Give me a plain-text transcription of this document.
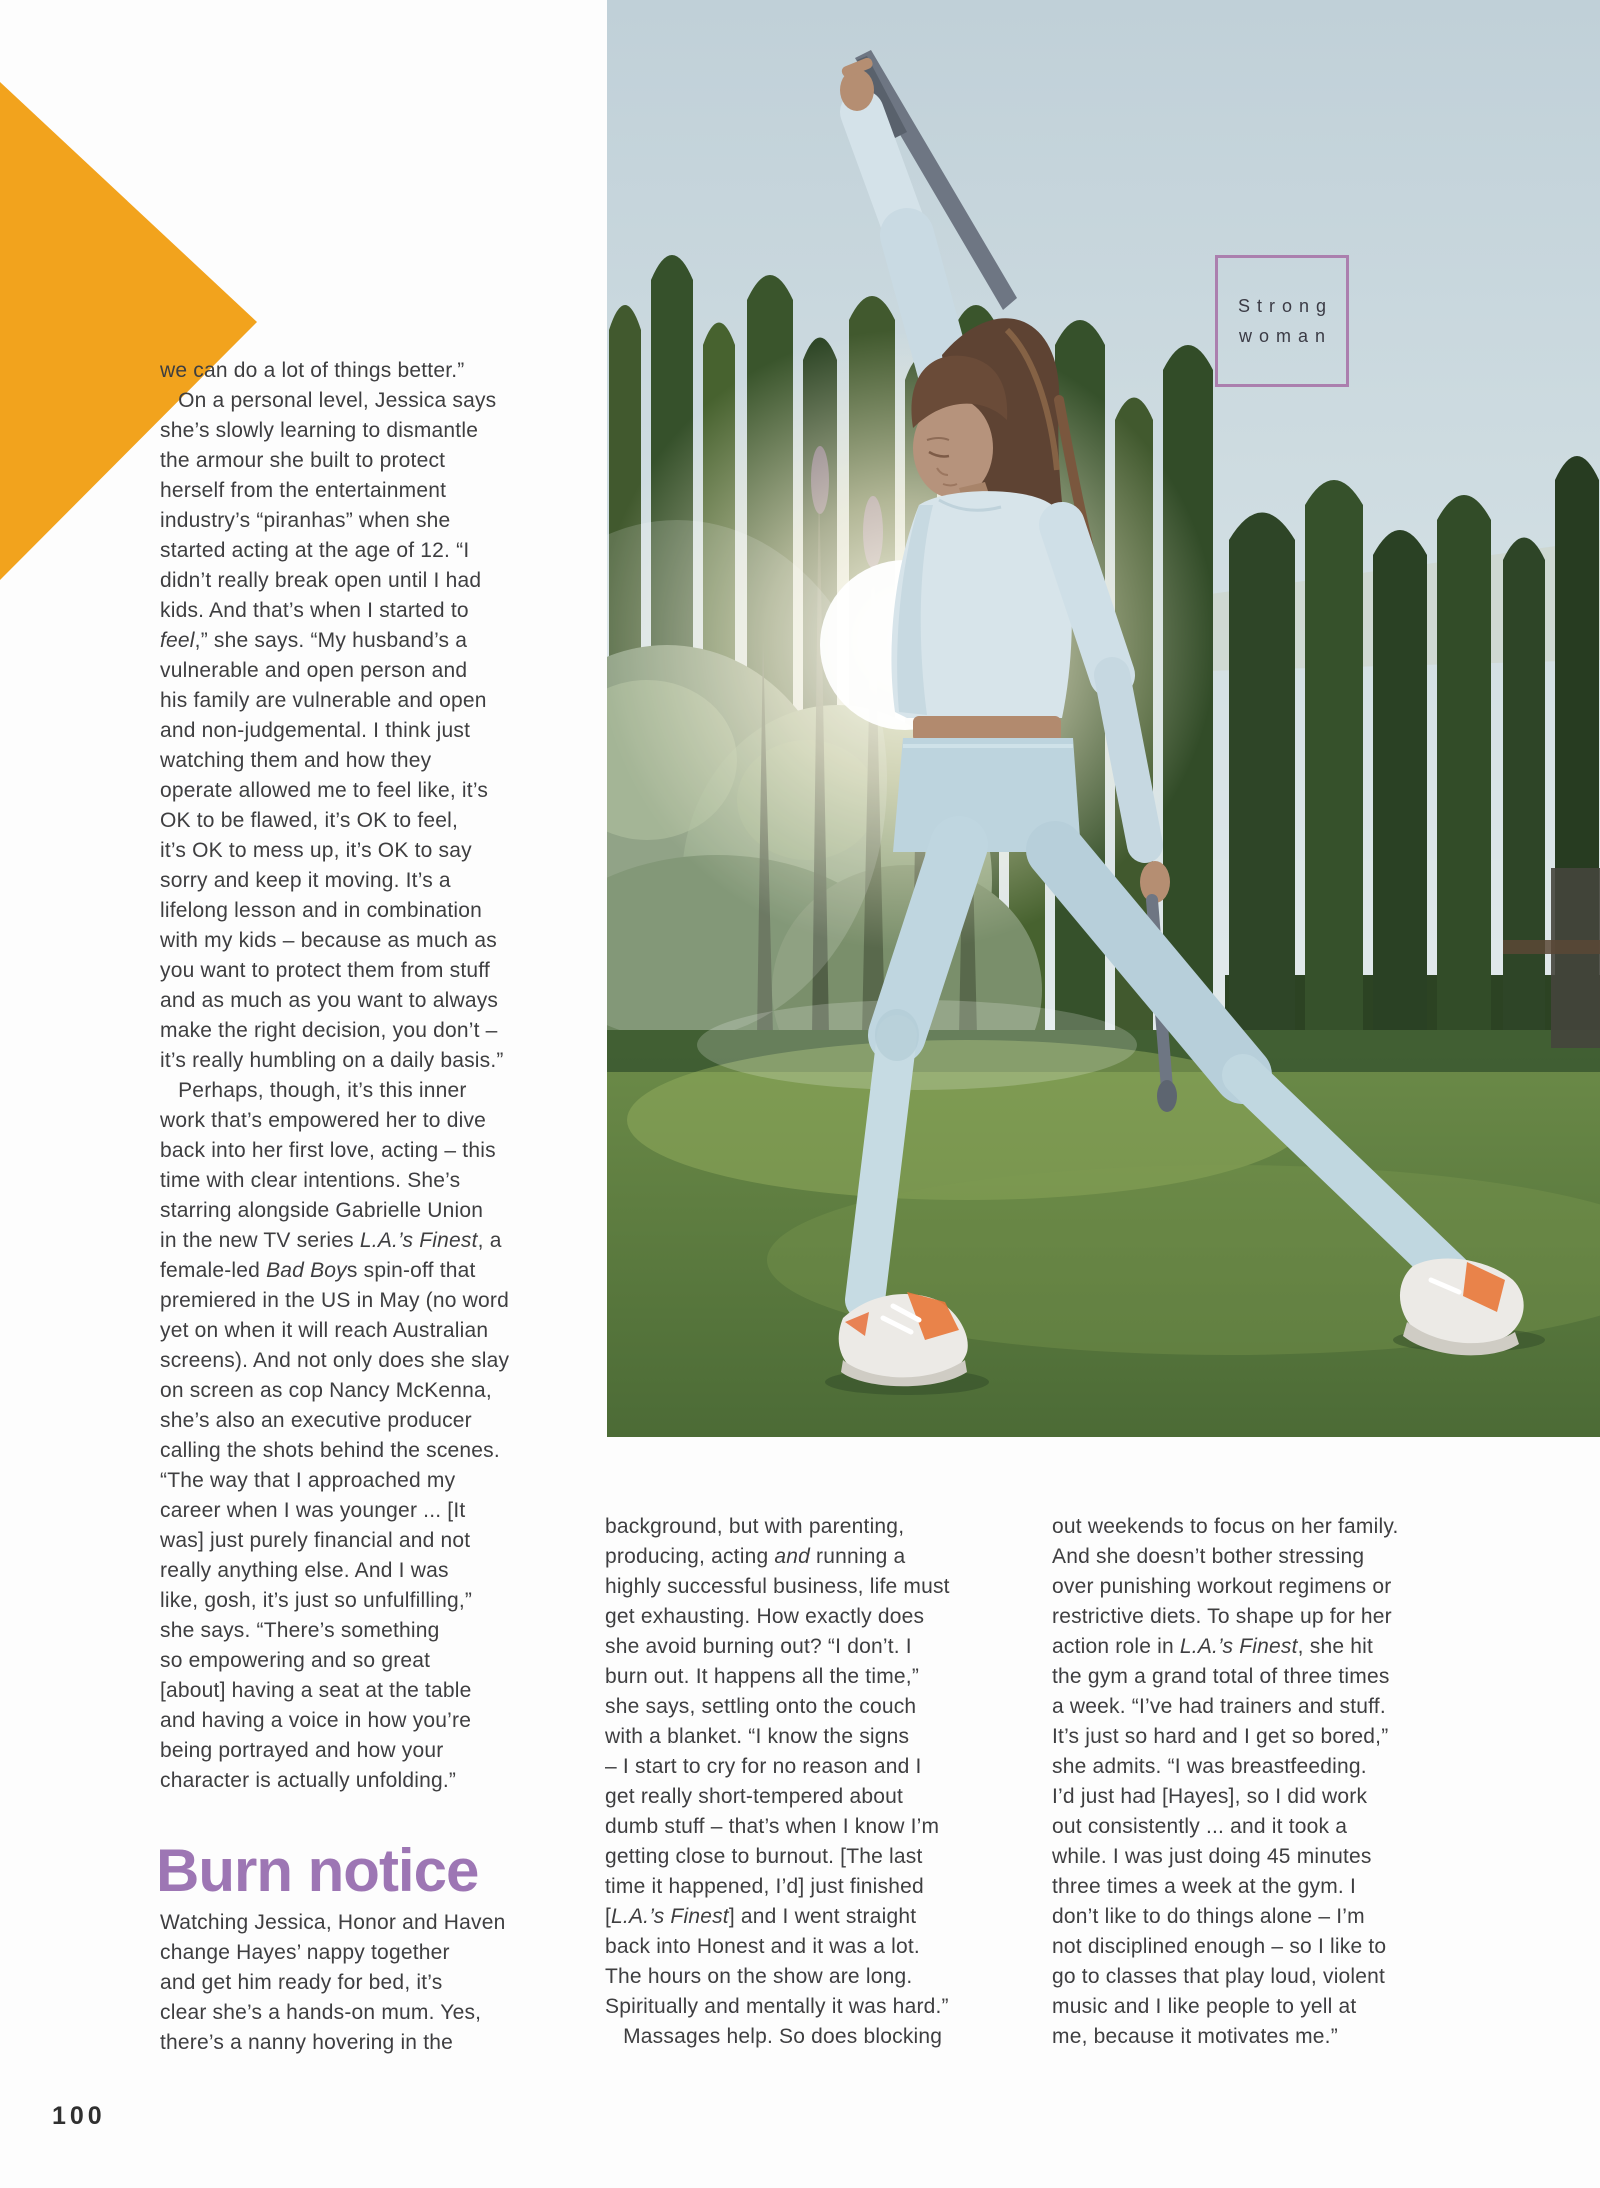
Strong
woman
we can do a lot of things better.”
On a personal level, Jessica says
she’s slowly learning to dismantle
the armour she built to protect
herself from the entertainment
industry’s “piranhas” when she
started acting at the age of 12. “I
didn’t really break open until I had
kids. And that’s when I started to
feel,” she says. “My husband’s a
vulnerable and open person and
his family are vulnerable and open
and non-judgemental. I think just
watching them and how they
operate allowed me to feel like, it’s
OK to be flawed, it’s OK to feel,
it’s OK to mess up, it’s OK to say
sorry and keep it moving. It’s a
lifelong lesson and in combination
with my kids – because as much as
you want to protect them from stuff
and as much as you want to always
make the right decision, you don’t –
it’s really humbling on a daily basis.”
Perhaps, though, it’s this inner
work that’s empowered her to dive
back into her first love, acting – this
time with clear intentions. She’s
starring alongside Gabrielle Union
in the new TV series L.A.’s Finest, a
female-led Bad Boys spin-off that
premiered in the US in May (no word
yet on when it will reach Australian
screens). And not only does she slay
on screen as cop Nancy McKenna,
she’s also an executive producer
calling the shots behind the scenes.
“The way that I approached my
career when I was younger ... [It
was] just purely financial and not
really anything else. And I was
like, gosh, it’s just so unfulfilling,”
she says. “There’s something
so empowering and so great
[about] having a seat at the table
and having a voice in how you’re
being portrayed and how your
character is actually unfolding.”
Burn notice
Watching Jessica, Honor and Haven
change Hayes’ nappy together
and get him ready for bed, it’s
clear she’s a hands-on mum. Yes,
there’s a nanny hovering in the
background, but with parenting,
producing, acting and running a
highly successful business, life must
get exhausting. How exactly does
she avoid burning out? “I don’t. I
burn out. It happens all the time,”
she says, settling onto the couch
with a blanket. “I know the signs
– I start to cry for no reason and I
get really short-tempered about
dumb stuff – that’s when I know I’m
getting close to burnout. [The last
time it happened, I’d] just finished
[L.A.’s Finest] and I went straight
back into Honest and it was a lot.
The hours on the show are long.
Spiritually and mentally it was hard.”
Massages help. So does blocking
out weekends to focus on her family.
And she doesn’t bother stressing
over punishing workout regimens or
restrictive diets. To shape up for her
action role in L.A.’s Finest, she hit
the gym a grand total of three times
a week. “I’ve had trainers and stuff.
It’s just so hard and I get so bored,”
she admits. “I was breastfeeding.
I’d just had [Hayes], so I did work
out consistently ... and it took a
while. I was just doing 45 minutes
three times a week at the gym. I
don’t like to do things alone – I’m
not disciplined enough – so I like to
go to classes that play loud, violent
music and I like people to yell at
me, because it motivates me.”
100
